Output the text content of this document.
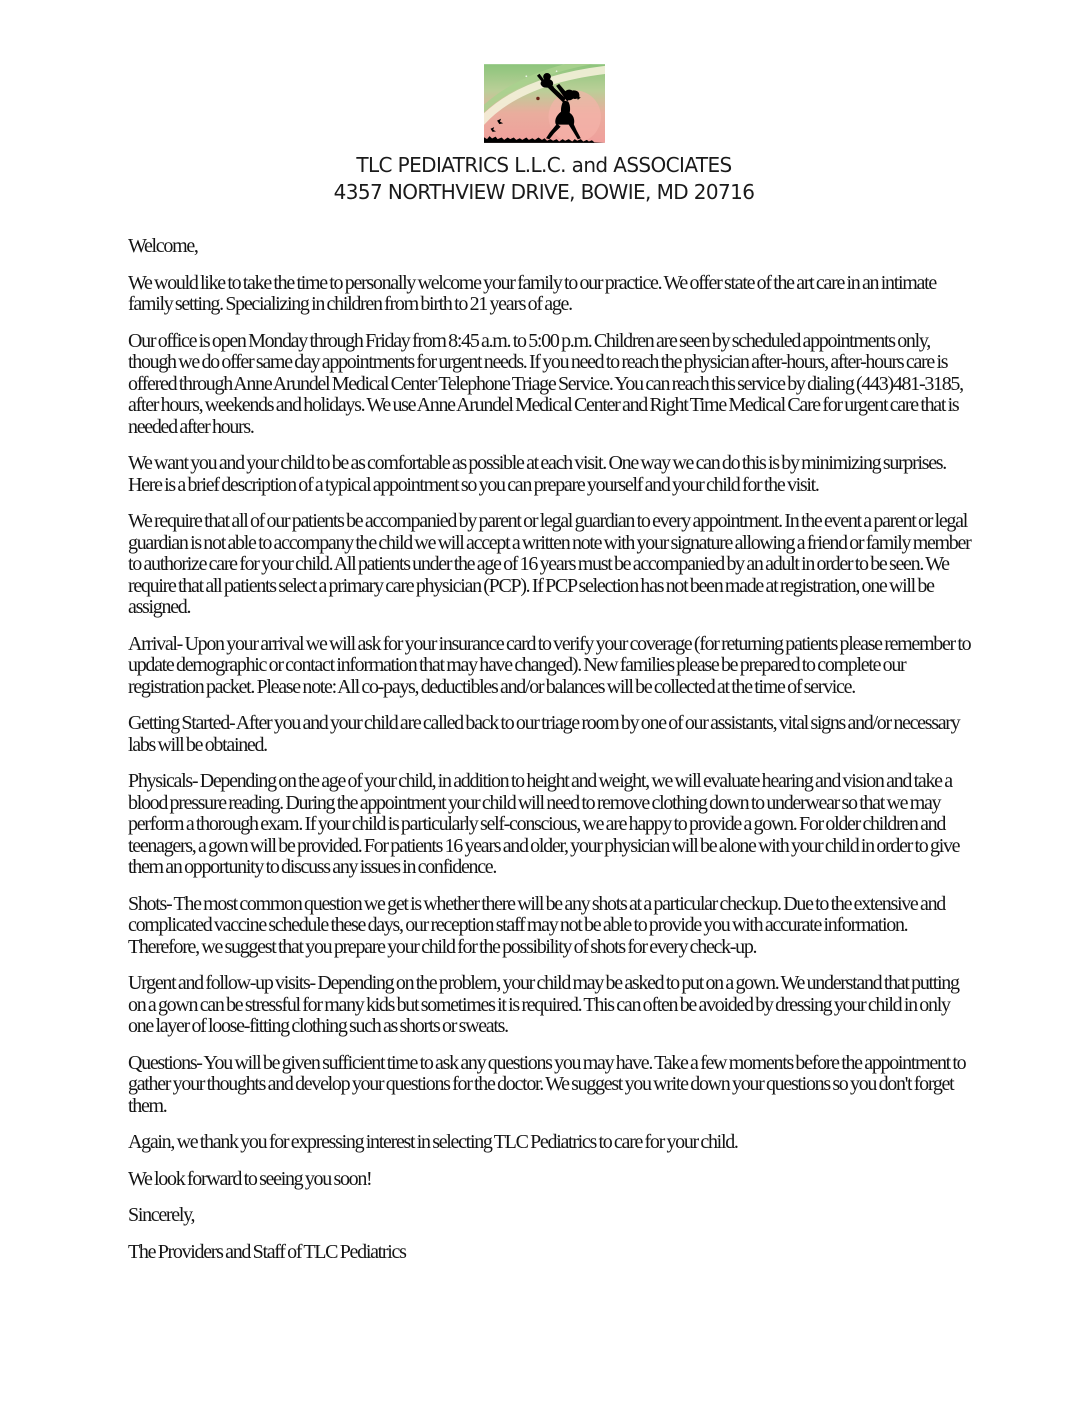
TLC PEDIATRICS L.L.C. and ASSOCIATES
4357 NORTHVIEW DRIVE, BOWIE, MD 20716

Welcome,

We would like to take the time to personally welcome your family to our practice. We offer state of the art care in an intimate family setting. Specializing in children from birth to 21 years of age.

Our office is open Monday through Friday from 8:45 a.m. to 5:00 p.m. Children are seen by scheduled appointments only, though we do offer same day appointments for urgent needs. If you need to reach the physician after-hours, after-hours care is offered through Anne Arundel Medical Center Telephone Triage Service. You can reach this service by dialing (443)481-3185, after hours, weekends and holidays. We use Anne Arundel Medical Center and Right Time Medical Care for urgent care that is needed after hours.

We want you and your child to be as comfortable as possible at each visit. One way we can do this is by minimizing surprises. Here is a brief description of a typical appointment so you can prepare yourself and your child for the visit.

We require that all of our patients be accompanied by parent or legal guardian to every appointment. In the event a parent or legal guardian is not able to accompany the child we will accept a written note with your signature allowing a friend or family member to authorize care for your child. All patients under the age of 16 years must be accompanied by an adult in order to be seen. We require that all patients select a primary care physician (PCP). If PCP selection has not been made at registration, one will be assigned.

Arrival- Upon your arrival we will ask for your insurance card to verify your coverage (for returning patients please remember to update demographic or contact information that may have changed). New families please be prepared to complete our registration packet. Please note: All co-pays, deductibles and/or balances will be collected at the time of service.

Getting Started- After you and your child are called back to our triage room by one of our assistants, vital signs and/or necessary labs will be obtained.

Physicals- Depending on the age of your child, in addition to height and weight, we will evaluate hearing and vision and take a blood pressure reading. During the appointment your child will need to remove clothing down to underwear so that we may perform a thorough exam. If your child is particularly self-conscious, we are happy to provide a gown. For older children and teenagers, a gown will be provided. For patients 16 years and older, your physician will be alone with your child in order to give them an opportunity to discuss any issues in confidence.

Shots- The most common question we get is whether there will be any shots at a particular checkup. Due to the extensive and complicated vaccine schedule these days, our reception staff may not be able to provide you with accurate information. Therefore, we suggest that you prepare your child for the possibility of shots for every check-up.

Urgent and follow-up visits- Depending on the problem, your child may be asked to put on a gown. We understand that putting on a gown can be stressful for many kids but sometimes it is required. This can often be avoided by dressing your child in only one layer of loose-fitting clothing such as shorts or sweats.

Questions- You will be given sufficient time to ask any questions you may have. Take a few moments before the appointment to gather your thoughts and develop your questions for the doctor. We suggest you write down your questions so you don't forget them.

Again, we thank you for expressing interest in selecting TLC Pediatrics to care for your child.

We look forward to seeing you soon!

Sincerely,

The Providers and Staff of TLC Pediatrics
